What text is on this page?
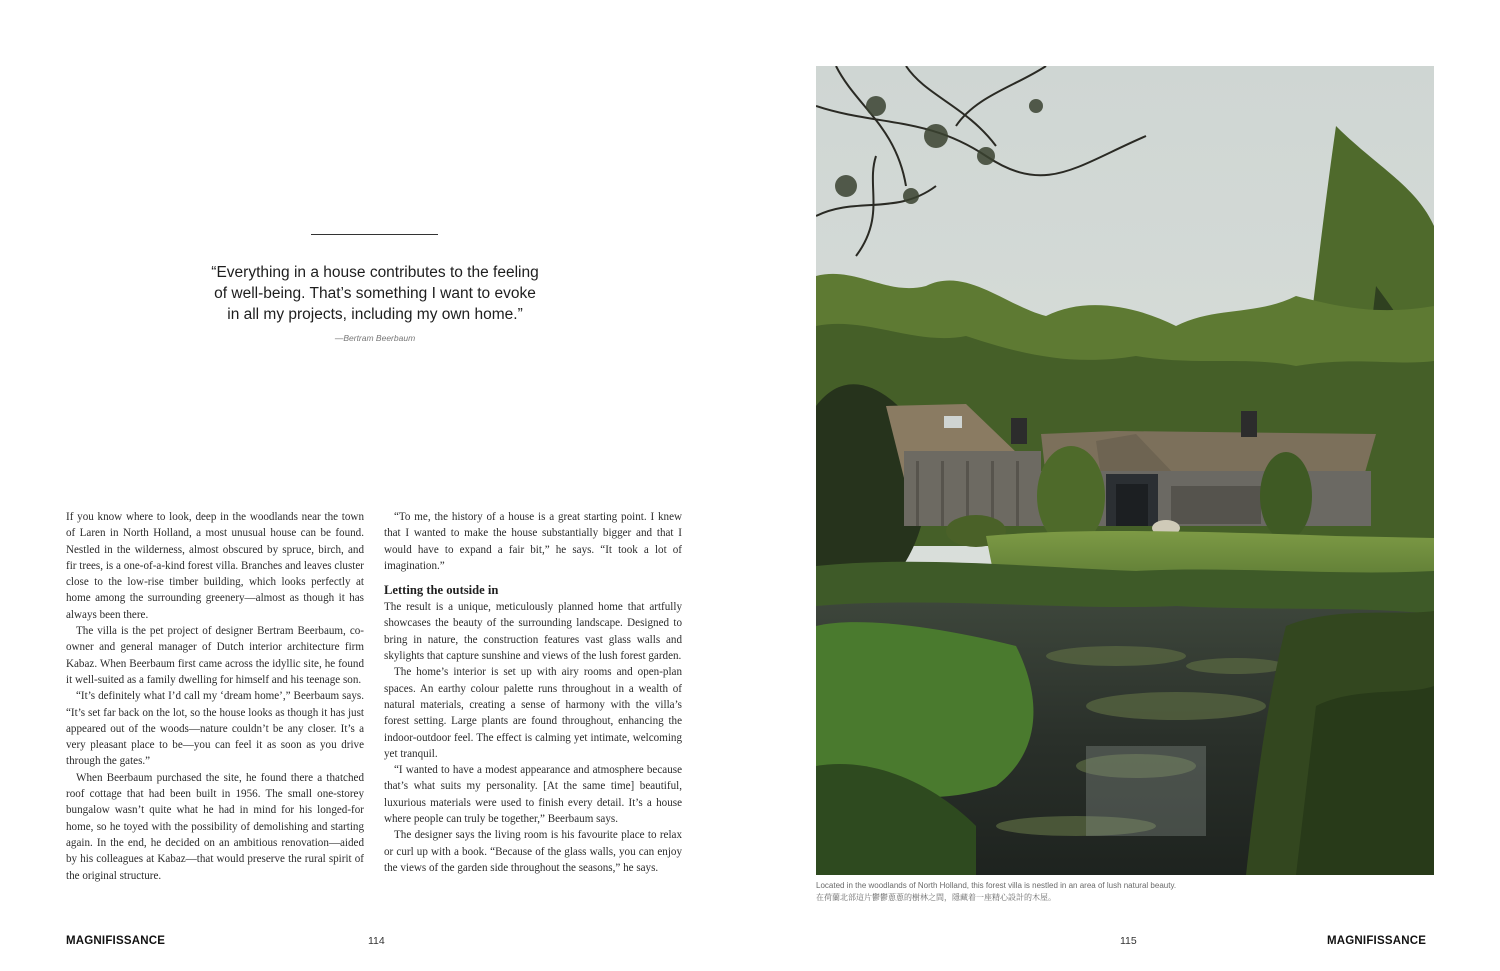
“Everything in a house contributes to the feeling
of well-being. That’s something I want to evoke
in all my projects, including my own home.”
—Bertram Beerbaum

If you know where to look, deep in the woodlands near the town of Laren in North Holland, a most unusual house can be found. Nestled in the wilderness, almost obscured by spruce, birch, and fir trees, is a one-of-a-kind forest villa. Branches and leaves cluster close to the low-rise timber building, which looks perfectly at home among the surrounding greenery—almost as though it has always been there.

The villa is the pet project of designer Bertram Beerbaum, co-owner and general manager of Dutch interior architecture firm Kabaz. When Beerbaum first came across the idyllic site, he found it well-suited as a family dwelling for himself and his teenage son.

“It’s definitely what I’d call my ‘dream home’,” Beerbaum says. “It’s set far back on the lot, so the house looks as though it has just appeared out of the woods—nature couldn’t be any closer. It’s a very pleasant place to be—you can feel it as soon as you drive through the gates.”

When Beerbaum purchased the site, he found there a thatched roof cottage that had been built in 1956. The small one-storey bungalow wasn’t quite what he had in mind for his longed-for home, so he toyed with the possibility of demolishing and starting again. In the end, he decided on an ambitious renovation—aided by his colleagues at Kabaz—that would preserve the rural spirit of the original structure.

“To me, the history of a house is a great starting point. I knew that I wanted to make the house substantially bigger and that I would have to expand a fair bit,” he says. “It took a lot of imagination.”

Letting the outside in

The result is a unique, meticulously planned home that artfully showcases the beauty of the surrounding landscape. Designed to bring in nature, the construction features vast glass walls and skylights that capture sunshine and views of the lush forest garden.

The home’s interior is set up with airy rooms and open-plan spaces. An earthy colour palette runs throughout in a wealth of natural materials, creating a sense of harmony with the villa’s forest setting. Large plants are found throughout, enhancing the indoor-outdoor feel. The effect is calming yet intimate, welcoming yet tranquil.

“I wanted to have a modest appearance and atmosphere because that’s what suits my personality. [At the same time] beautiful, luxurious materials were used to finish every detail. It’s a house where people can truly be together,” Beerbaum says.

The designer says the living room is his favourite place to relax or curl up with a book. “Because of the glass walls, you can enjoy the views of the garden side throughout the seasons,” he says.

MAGNIFISSANCE	114
Located in the woodlands of North Holland, this forest villa is nestled in an area of lush natural beauty.
在荷蘭北部這片鬱鬱蔥蔥的樹林之間，隱藏着一座精心設計的木屋。
115	MAGNIFISSANCE
